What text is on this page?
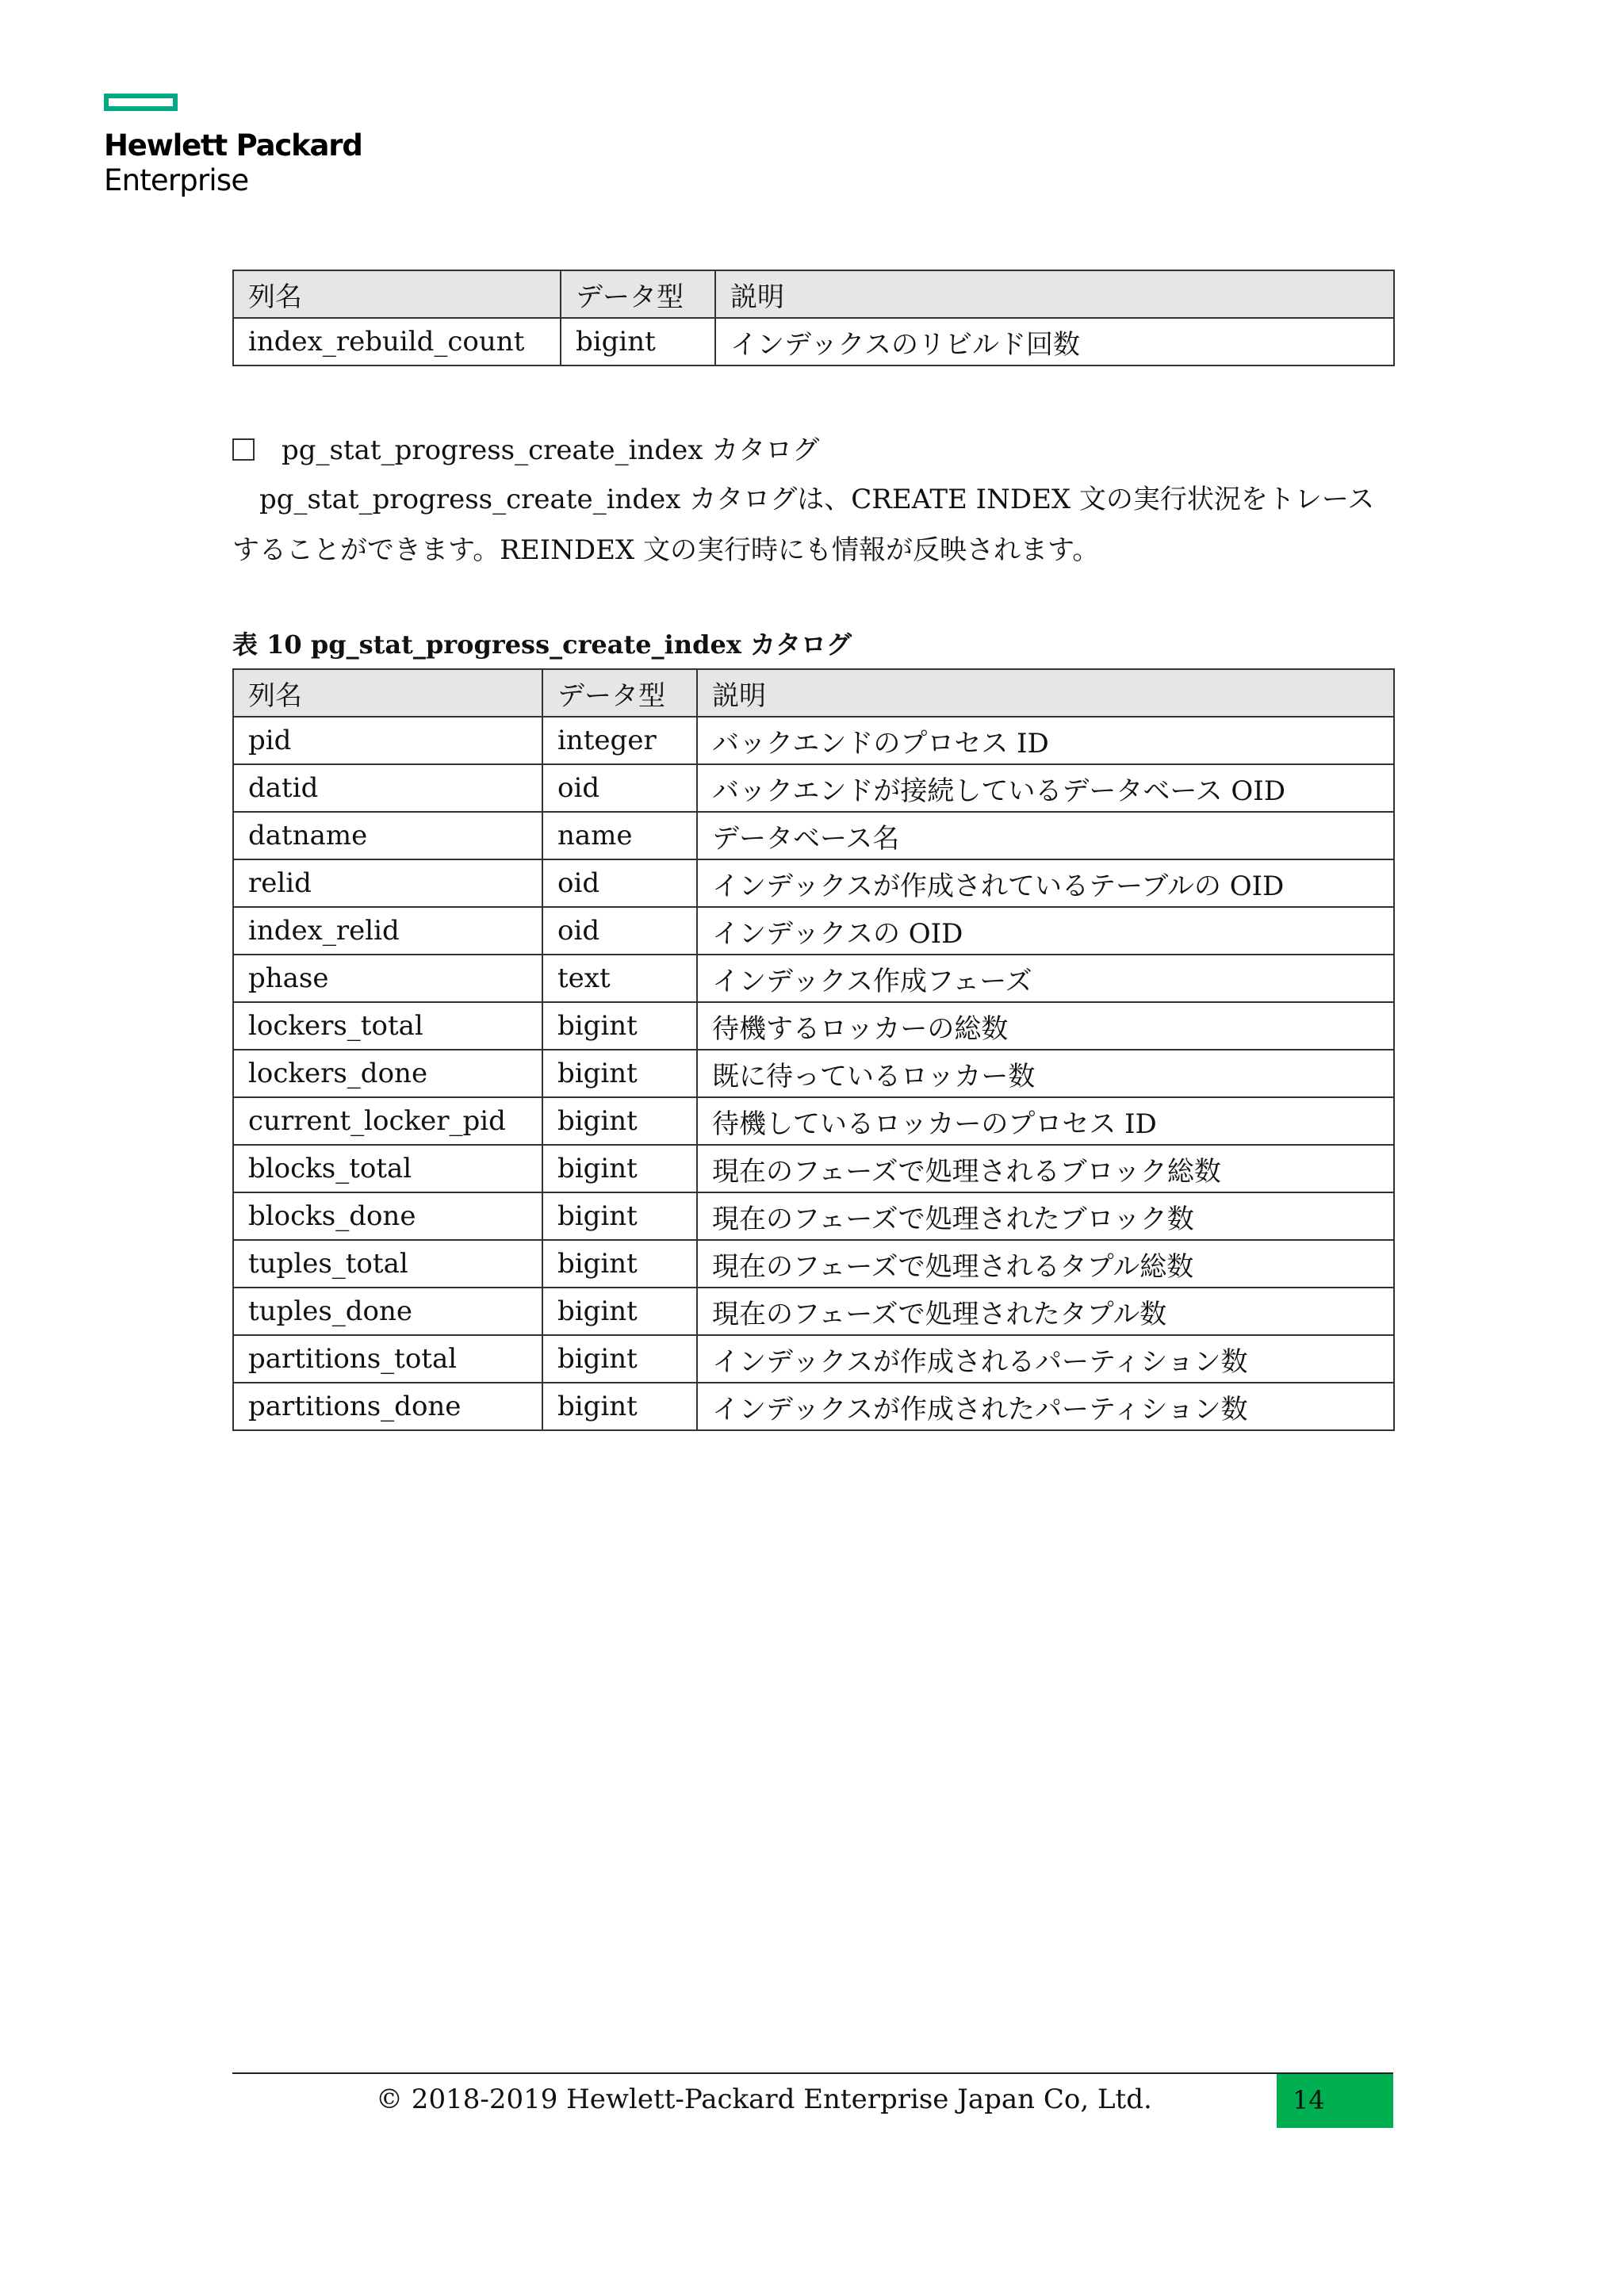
Hewlett Packard
Enterprise
列名	データ型	説明
index_rebuild_count	bigint	インデックスのリビルド回数
pg_stat_progress_create_index カタログ
pg_stat_progress_create_index カタログは、CREATE INDEX 文の実行状況をトレースすることができます。REINDEX 文の実行時にも情報が反映されます。
表 10 pg_stat_progress_create_index カタログ
列名	データ型	説明
pid	integer	バックエンドのプロセス ID
datid	oid	バックエンドが接続しているデータベース OID
datname	name	データベース名
relid	oid	インデックスが作成されているテーブルの OID
index_relid	oid	インデックスの OID
phase	text	インデックス作成フェーズ
lockers_total	bigint	待機するロッカーの総数
lockers_done	bigint	既に待っているロッカー数
current_locker_pid	bigint	待機しているロッカーのプロセス ID
blocks_total	bigint	現在のフェーズで処理されるブロック総数
blocks_done	bigint	現在のフェーズで処理されたブロック数
tuples_total	bigint	現在のフェーズで処理されるタプル総数
tuples_done	bigint	現在のフェーズで処理されたタプル数
partitions_total	bigint	インデックスが作成されるパーティション数
partitions_done	bigint	インデックスが作成されたパーティション数
© 2018-2019 Hewlett-Packard Enterprise Japan Co, Ltd.	14
